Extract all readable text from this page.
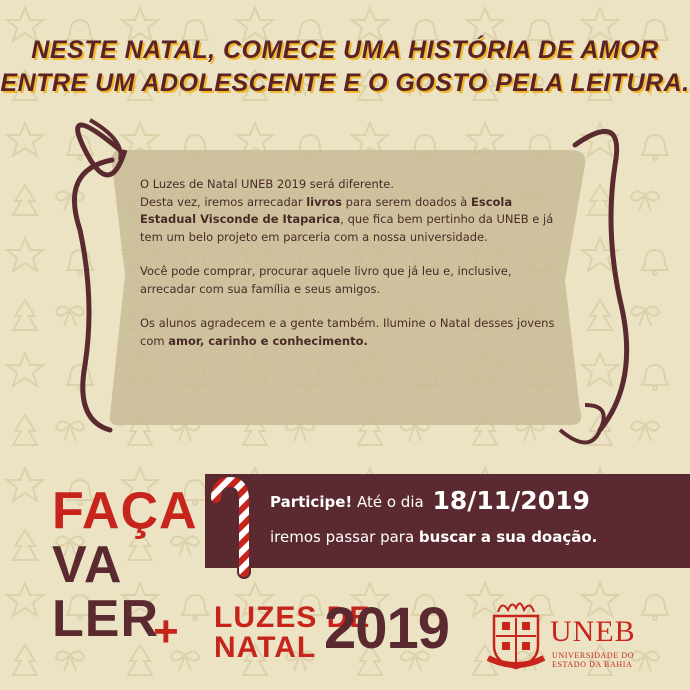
NESTE NATAL, COMECE UMA HISTÓRIA DE AMOR
ENTRE UM ADOLESCENTE E O GOSTO PELA LEITURA.

O Luzes de Natal UNEB 2019 será diferente.
Desta vez, iremos arrecadar livros para serem doados à Escola Estadual Visconde de Itaparica, que fica bem pertinho da UNEB e já tem um belo projeto em parceria com a nossa universidade.

Você pode comprar, procurar aquele livro que já leu e, inclusive, arrecadar com sua família e seus amigos.

Os alunos agradecem e a gente também. Ilumine o Natal desses jovens com amor, carinho e conhecimento.

Participe! Até o dia 18/11/2019
iremos passar para buscar a sua doação.
FAÇA
VA
LER+	LUZES DE
NATAL 2019	UNEB
UNIVERSIDADE DO
ESTADO DA BAHIA
